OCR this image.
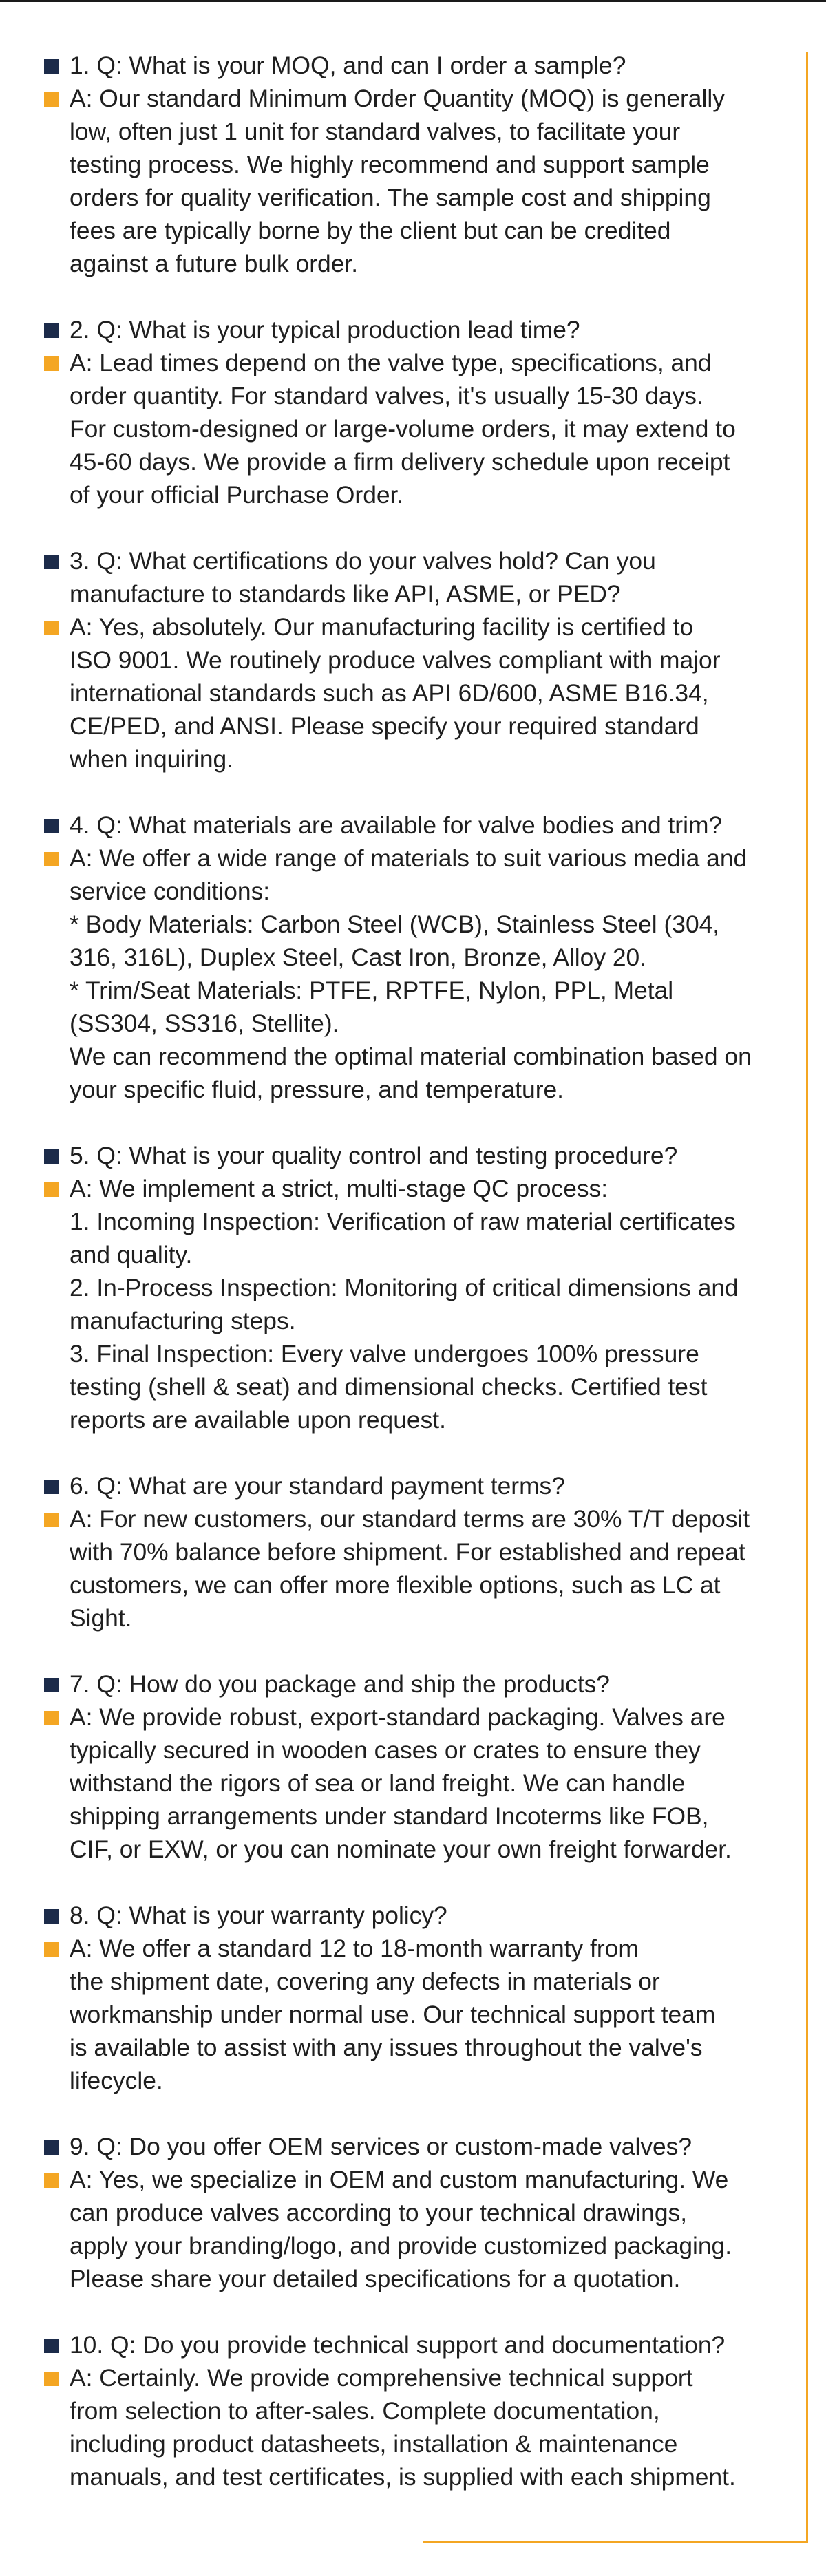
1. Q: What is your MOQ, and can I order a sample?
A: Our standard Minimum Order Quantity (MOQ) is generally
low, often just 1 unit for standard valves, to facilitate your
testing process. We highly recommend and support sample
orders for quality verification. The sample cost and shipping
fees are typically borne by the client but can be credited
against a future bulk order.
2. Q: What is your typical production lead time?
A: Lead times depend on the valve type, specifications, and
order quantity. For standard valves, it's usually 15-30 days.
For custom-designed or large-volume orders, it may extend to
45-60 days. We provide a firm delivery schedule upon receipt
of your official Purchase Order.
3. Q: What certifications do your valves hold? Can you
manufacture to standards like API, ASME, or PED?
A: Yes, absolutely. Our manufacturing facility is certified to
ISO 9001. We routinely produce valves compliant with major
international standards such as API 6D/600, ASME B16.34,
CE/PED, and ANSI. Please specify your required standard
when inquiring.
4. Q: What materials are available for valve bodies and trim?
A: We offer a wide range of materials to suit various media and
service conditions:
* Body Materials: Carbon Steel (WCB), Stainless Steel (304,
316, 316L), Duplex Steel, Cast Iron, Bronze, Alloy 20.
* Trim/Seat Materials: PTFE, RPTFE, Nylon, PPL, Metal
(SS304, SS316, Stellite).
We can recommend the optimal material combination based on
your specific fluid, pressure, and temperature.
5. Q: What is your quality control and testing procedure?
A: We implement a strict, multi-stage QC process:
1. Incoming Inspection: Verification of raw material certificates
and quality.
2. In-Process Inspection: Monitoring of critical dimensions and
manufacturing steps.
3. Final Inspection: Every valve undergoes 100% pressure
testing (shell & seat) and dimensional checks. Certified test
reports are available upon request.
6. Q: What are your standard payment terms?
A: For new customers, our standard terms are 30% T/T deposit
with 70% balance before shipment. For established and repeat
customers, we can offer more flexible options, such as LC at
Sight.
7. Q: How do you package and ship the products?
A: We provide robust, export-standard packaging. Valves are
typically secured in wooden cases or crates to ensure they
withstand the rigors of sea or land freight. We can handle
shipping arrangements under standard Incoterms like FOB,
CIF, or EXW, or you can nominate your own freight forwarder.
8. Q: What is your warranty policy?
A: We offer a standard 12 to 18-month warranty from
the shipment date, covering any defects in materials or
workmanship under normal use. Our technical support team
is available to assist with any issues throughout the valve's
lifecycle.
9. Q: Do you offer OEM services or custom-made valves?
A: Yes, we specialize in OEM and custom manufacturing. We
can produce valves according to your technical drawings,
apply your branding/logo, and provide customized packaging.
Please share your detailed specifications for a quotation.
10. Q: Do you provide technical support and documentation?
A: Certainly. We provide comprehensive technical support
from selection to after-sales. Complete documentation,
including product datasheets, installation & maintenance
manuals, and test certificates, is supplied with each shipment.
